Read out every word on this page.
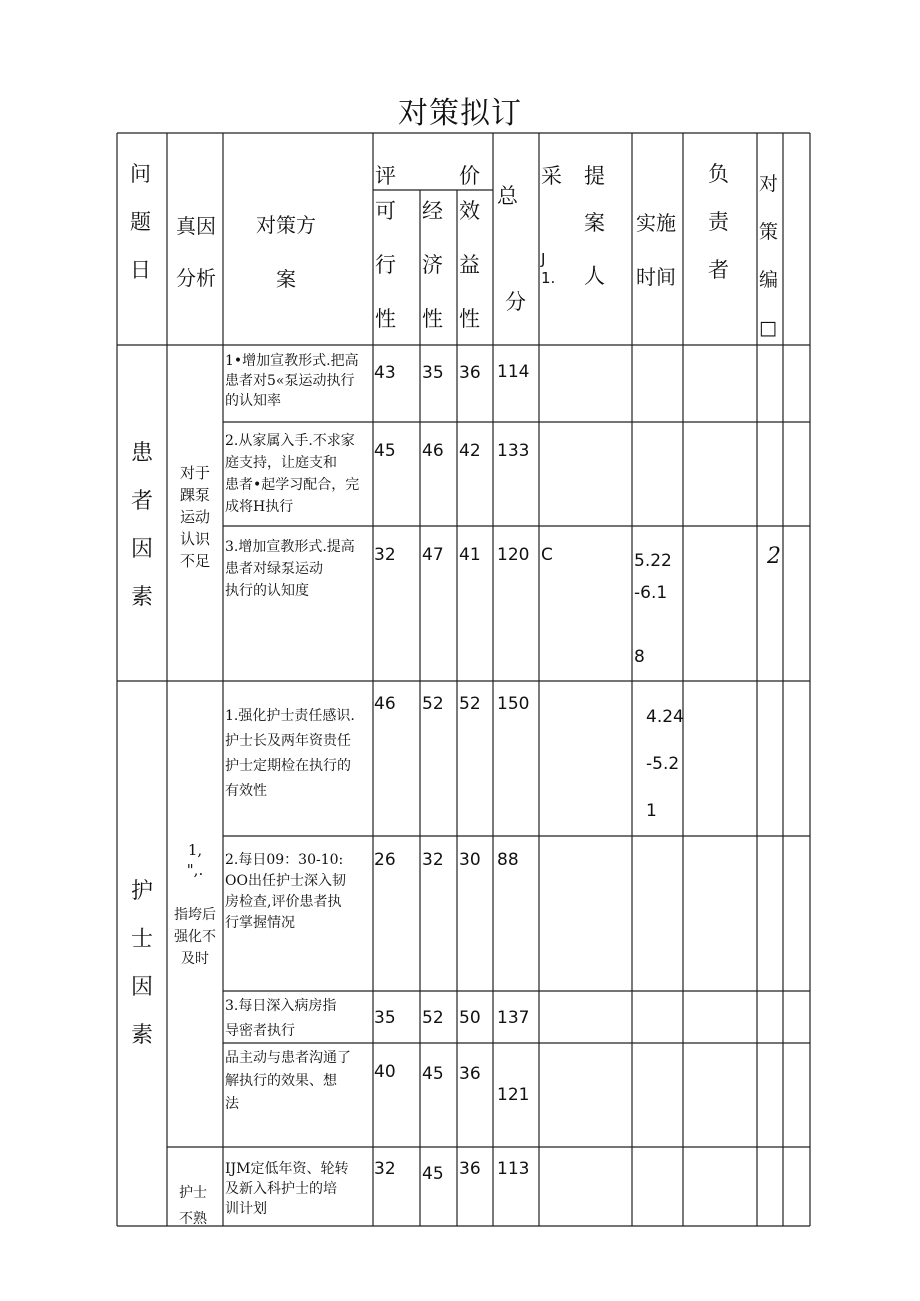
对策拟订
问
题
日
真因
分析
对策方
案
评	价
可
行
性
经
济
性
效
益
性
总
分
采
J
1.
提
案
人
实施
时间
负
责
者
对
策
编
□
患
者
因
素
对于
踝泵
运动
认识
不足
1•增加宣教形式.把高
患者对5«泵运动执行
的认知率
43 35 36 114
2.从家属入手.不求家
庭支持，让庭支和
患者•起学习配合，完
成将H执行
45 46 42 133
3.增加宣教形式.提高
患者对绿泵运动
执行的认知度
32 47 41 120 C	5.22
-6.1

8
2
护
士
因
素
1,
",.
指垮后
强化不
及时
1.强化护士责任感识.
护士长及两年资贵任
护士定期检在执行的
有效性
46 52 52 150
4.24
-5.2
1
2.每日09：30-10:
OO出任护士深入韧
房检查,评价患者执
行掌握情况
26 32 30 88
3.每日深入病房指
导密者执行
35 52 50 137
品主动与患者沟通了
解执行的效果、想
法
40 45 36
121
护士
不熟
IJM定低年资、轮转
及新入科护士的培
训计划
32 45 36 113
